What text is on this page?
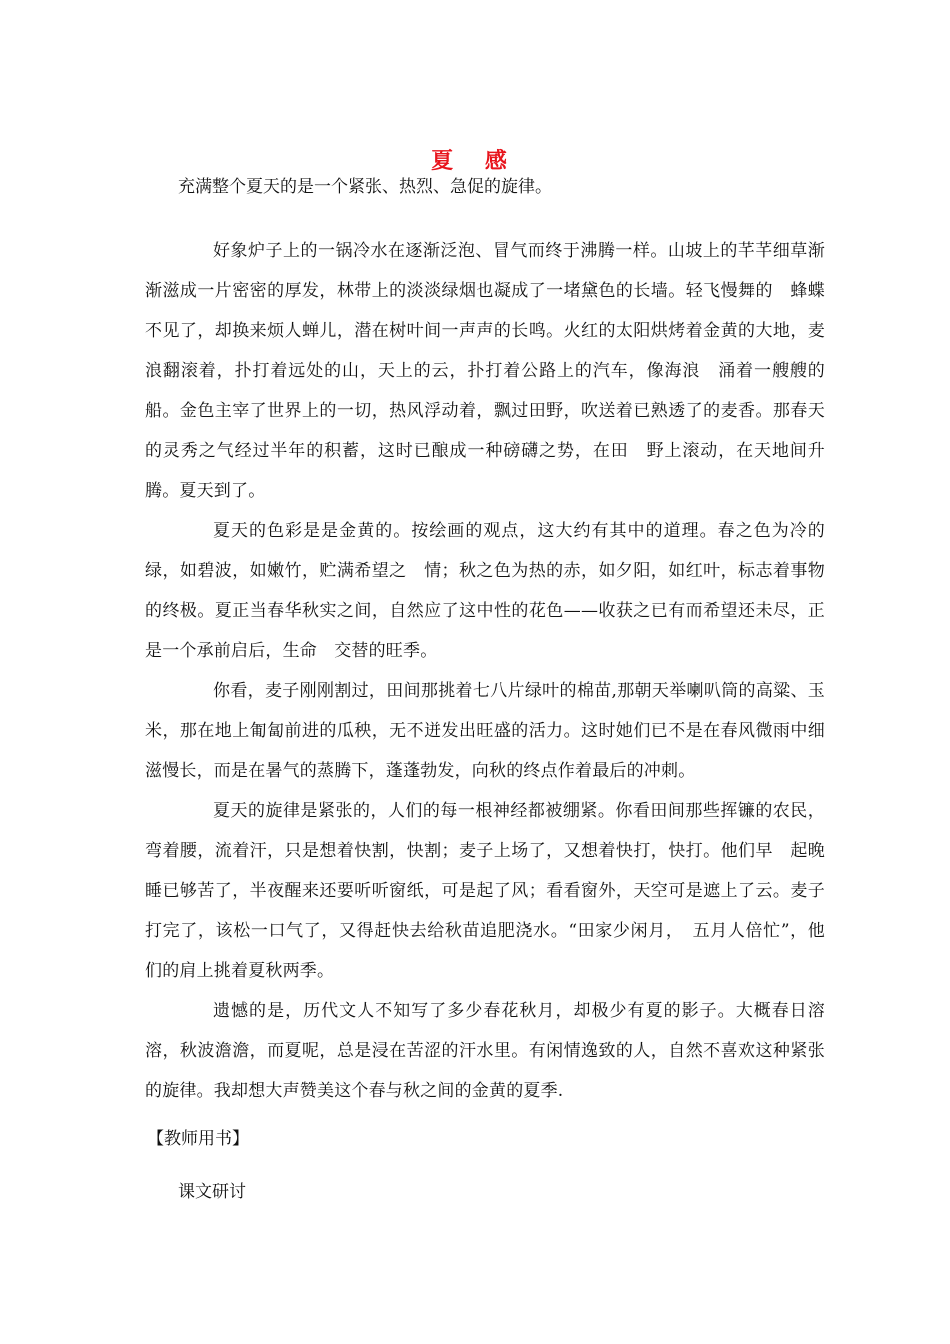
夏 感
充满整个夏天的是一个紧张、热烈、急促的旋律。

好象炉子上的一锅冷水在逐渐泛泡、冒气而终于沸腾一样。山坡上的芊芊细草渐渐滋成一片密密的厚发，林带上的淡淡绿烟也凝成了一堵黛色的长墙。轻飞慢舞的　蜂蝶不见了，却换来烦人蝉儿，潜在树叶间一声声的长鸣。火红的太阳烘烤着金黄的大地，麦浪翻滚着，扑打着远处的山，天上的云，扑打着公路上的汽车，像海浪　涌着一艘艘的船。金色主宰了世界上的一切，热风浮动着，飘过田野，吹送着已熟透了的麦香。那春天的灵秀之气经过半年的积蓄，这时已酿成一种磅礴之势，在田　野上滚动，在天地间升腾。夏天到了。

夏天的色彩是是金黄的。按绘画的观点，这大约有其中的道理。春之色为冷的绿，如碧波，如嫩竹，贮满希望之　情；秋之色为热的赤，如夕阳，如红叶，标志着事物的终极。夏正当春华秋实之间，自然应了这中性的花色——收获之已有而希望还未尽，正是一个承前启后，生命　交替的旺季。

你看，麦子刚刚割过，田间那挑着七八片绿叶的棉苗,那朝天举喇叭筒的高粱、玉米，那在地上匍匐前进的瓜秧，无不迸发出旺盛的活力。这时她们已不是在春风微雨中细滋慢长，而是在暑气的蒸腾下，蓬蓬勃发，向秋的终点作着最后的冲刺。

夏天的旋律是紧张的，人们的每一根神经都被绷紧。你看田间那些挥镰的农民，弯着腰，流着汗，只是想着快割，快割；麦子上场了，又想着快打，快打。他们早　起晚睡已够苦了，半夜醒来还要听听窗纸，可是起了风；看看窗外，天空可是遮上了云。麦子打完了，该松一口气了，又得赶快去给秋苗追肥浇水。“田家少闲月，　五月人倍忙”，他们的肩上挑着夏秋两季。

遗憾的是，历代文人不知写了多少春花秋月，却极少有夏的影子。大概春日溶溶，秋波澹澹，而夏呢，总是浸在苦涩的汗水里。有闲情逸致的人，自然不喜欢这种紧张的旋律。我却想大声赞美这个春与秋之间的金黄的夏季.

【教师用书】
课文研讨
